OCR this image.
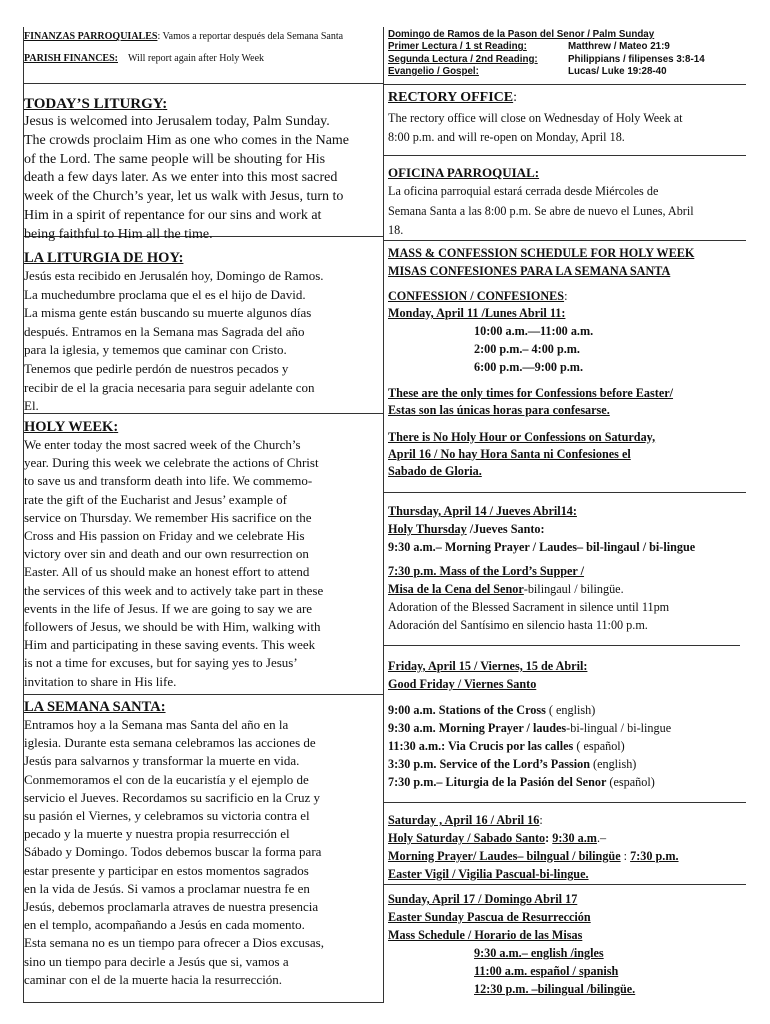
FINANZAS PARROQUIALES: Vamos a reportar después dela Semana Santa

PARISH FINANCES: Will report again after Holy Week

TODAY’S LITURGY:

Jesus is welcomed into Jerusalem today, Palm Sunday.

The crowds proclaim Him as one who comes in the Name

of the Lord. The same people will be shouting for His

death a few days later. As we enter into this most sacred

week of the Church’s year, let us walk with Jesus, turn to

Him in a spirit of repentance for our sins and work at

being faithful to Him all the time.

LA LITURGIA DE HOY:

Jesús esta recibido en Jerusalén hoy, Domingo de Ramos.

La muchedumbre proclama que el es el hijo de David.

La misma gente están buscando su muerte algunos días

después. Entramos en la Semana mas Sagrada del año

para la iglesia, y tememos que caminar con Cristo.

Tenemos que pedirle perdón de nuestros pecados y

recibir de el la gracia necesaria para seguir adelante con

El.

HOLY WEEK:

We enter today the most sacred week of the Church’s

year. During this week we celebrate the actions of Christ

to save us and transform death into life. We commemo-

rate the gift of the Eucharist and Jesus’ example of

service on Thursday. We remember His sacrifice on the

Cross and His passion on Friday and we celebrate His

victory over sin and death and our own resurrection on

Easter. All of us should make an honest effort to attend

the services of this week and to actively take part in these

events in the life of Jesus. If we are going to say we are

followers of Jesus, we should be with Him, walking with

Him and participating in these saving events. This week

is not a time for excuses, but for saying yes to Jesus’

invitation to share in His life.

LA SEMANA SANTA:

Entramos hoy a la Semana mas Santa del año en la

iglesia. Durante esta semana celebramos las acciones de

Jesús para salvarnos y transformar la muerte en vida.

Conmemoramos el con de la eucaristía y el ejemplo de

servicio el Jueves. Recordamos su sacrificio en la Cruz y

su pasión el Viernes, y celebramos su victoria contra el

pecado y la muerte y nuestra propia resurrección el

Sábado y Domingo. Todos debemos buscar la forma para

estar presente y participar en estos momentos sagrados

en la vida de Jesús. Si vamos a proclamar nuestra fe en

Jesús, debemos proclamarla atraves de nuestra presencia

en el templo, acompañando a Jesús en cada momento.

Esta semana no es un tiempo para ofrecer a Dios excusas,

sino un tiempo para decirle a Jesús que si, vamos a

caminar con el de la muerte hacia la resurrección.

Domingo de Ramos de la Pason del Senor / Palm Sunday

Primer Lectura / 1 st Reading:	Matthrew / Mateo 21:9
Segunda Lectura / 2nd Reading:	Philippians / filipenses 3:8-14
Evangelio / Gospel:	Lucas/ Luke 19:28-40

RECTORY OFFICE:

The rectory office will close on Wednesday of Holy Week at

8:00 p.m. and will re-open on Monday, April 18.

OFICINA PARROQUIAL:

La oficina parroquial estará cerrada desde Miércoles de

Semana Santa a las 8:00 p.m. Se abre de nuevo el Lunes, Abril

18.

MASS & CONFESSION SCHEDULE FOR HOLY WEEK

MISAS CONFESIONES PARA LA SEMANA SANTA

CONFESSION / CONFESIONES:

Monday, April 11 /Lunes Abril 11:

10:00 a.m.—11:00 a.m.

2:00 p.m.– 4:00 p.m.

6:00 p.m.—9:00 p.m.

These are the only times for Confessions before Easter/

Estas son las únicas horas para confesarse.

There is No Holy Hour or Confessions on Saturday,

April 16 / No hay Hora Santa ni Confesiones el

Sabado de Gloria.

Thursday, April 14 / Jueves Abril14:

Holy Thursday /Jueves Santo:

9:30 a.m.– Morning Prayer / Laudes– bil-lingaul / bi-lingue

7:30 p.m. Mass of the Lord’s Supper /

Misa de la Cena del Senor-bilingaul / bilingüe.

Adoration of the Blessed Sacrament in silence until 11pm

Adoración del Santísimo en silencio hasta 11:00 p.m.

Friday, April 15 / Viernes, 15 de Abril:

Good Friday / Viernes Santo

9:00 a.m. Stations of the Cross ( english)

9:30 a.m. Morning Prayer / laudes-bi-lingual / bi-lingue

11:30 a.m.: Via Crucis por las calles ( español)

3:30 p.m. Service of the Lord’s Passion (english)

7:30 p.m.– Liturgia de la Pasión del Senor (español)

Saturday , April 16 / Abril 16:

Holy Saturday / Sabado Santo: 9:30 a.m.–

Morning Prayer/ Laudes– bilngual / bilingüe : 7:30 p.m.

Easter Vigil / Vigilia Pascual-bi-lingue.

Sunday, April 17 / Domingo Abril 17

Easter Sunday Pascua de Resurrección

Mass Schedule / Horario de las Misas

9:30 a.m.– english /ingles

11:00 a.m. español / spanish

12:30 p.m. –bilingual /bilingüe.
